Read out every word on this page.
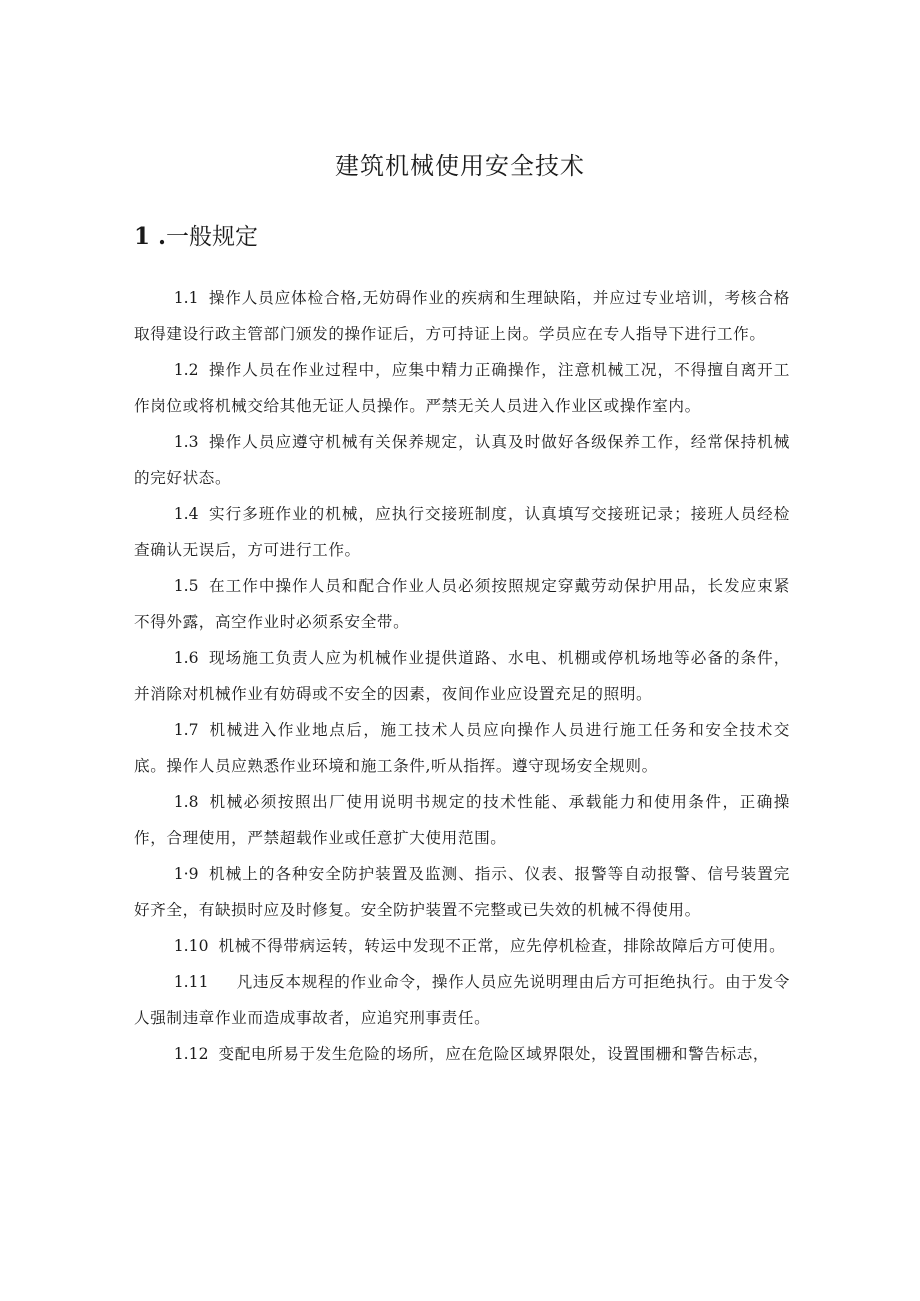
建筑机械使用安全技术
1 .一般规定

1.1 操作人员应体检合格,无妨碍作业的疾病和生理缺陷，并应过专业培训，考核合格取得建设行政主管部门颁发的操作证后，方可持证上岗。学员应在专人指导下进行工作。

1.2 操作人员在作业过程中，应集中精力正确操作，注意机械工况，不得擅自离开工作岗位或将机械交给其他无证人员操作。严禁无关人员进入作业区或操作室内。

1.3 操作人员应遵守机械有关保养规定，认真及时做好各级保养工作，经常保持机械的完好状态。

1.4 实行多班作业的机械，应执行交接班制度，认真填写交接班记录；接班人员经检查确认无误后，方可进行工作。

1.5 在工作中操作人员和配合作业人员必须按照规定穿戴劳动保护用品，长发应束紧不得外露，高空作业时必须系安全带。

1.6 现场施工负责人应为机械作业提供道路、水电、机棚或停机场地等必备的条件，并消除对机械作业有妨碍或不安全的因素，夜间作业应设置充足的照明。

1.7 机械进入作业地点后，施工技术人员应向操作人员进行施工任务和安全技术交底。操作人员应熟悉作业环境和施工条件,听从指挥。遵守现场安全规则。

1.8 机械必须按照出厂使用说明书规定的技术性能、承载能力和使用条件，正确操作，合理使用，严禁超载作业或任意扩大使用范围。

1·9 机械上的各种安全防护装置及监测、指示、仪表、报警等自动报警、信号装置完好齐全，有缺损时应及时修复。安全防护装置不完整或已失效的机械不得使用。

1.10 机械不得带病运转，转运中发现不正常，应先停机检查，排除故障后方可使用。

1.11 凡违反本规程的作业命令，操作人员应先说明理由后方可拒绝执行。由于发令人强制违章作业而造成事故者，应追究刑事责任。

1.12 变配电所易于发生危险的场所，应在危险区域界限处，设置围栅和警告标志，
